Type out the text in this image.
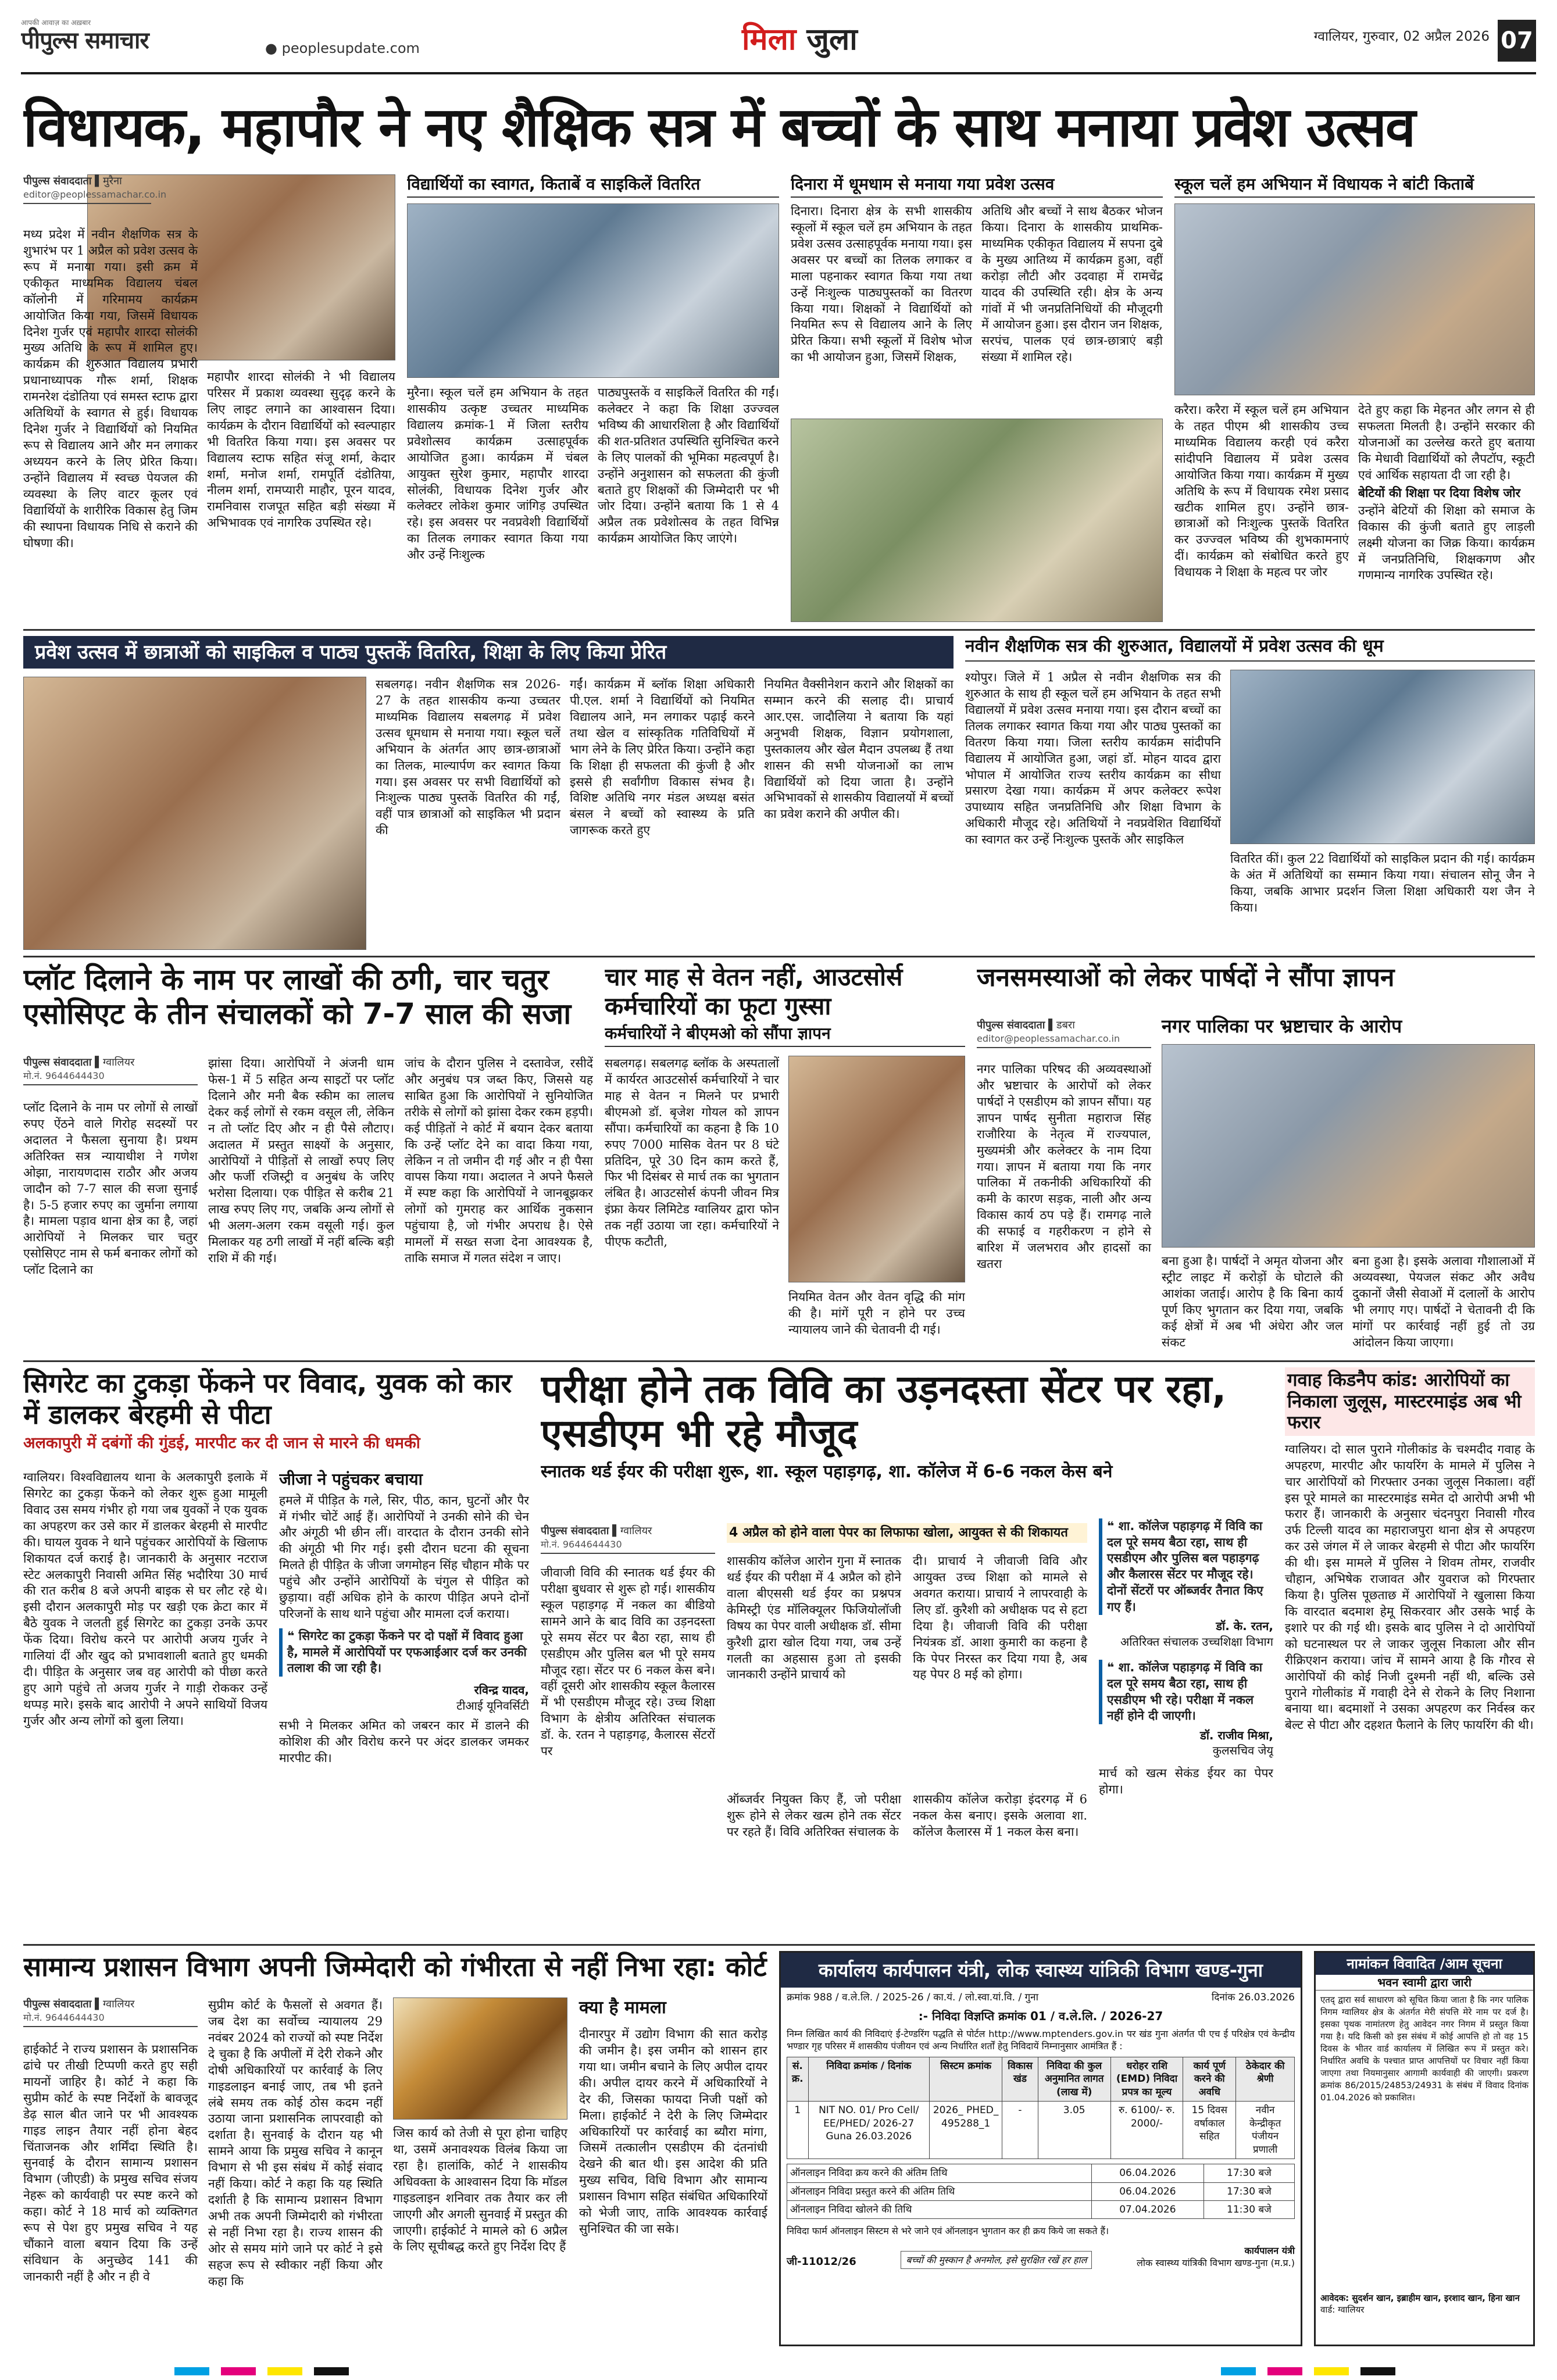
आपकी आवाज़ का अख़बार
पीपुल्स समाचार	● peoplesupdate.com	मिला जुला	ग्वालियर, गुरुवार, 02 अप्रैल 2026 07
विधायक, महापौर ने नए शैक्षिक सत्र में बच्चों के साथ मनाया प्रवेश उत्सव
पीपुल्स संवाददाता ▌मुरैना
editor@peoplessamachar.co.in
मध्य प्रदेश में नवीन शैक्षणिक सत्र के शुभारंभ पर 1 अप्रैल को प्रवेश उत्सव के रूप में मनाया गया। इसी क्रम में एकीकृत माध्यमिक विद्यालय चंबल कॉलोनी में गरिमामय कार्यक्रम आयोजित किया गया, जिसमें विधायक दिनेश गुर्जर एवं महापौर शारदा सोलंकी मुख्य अतिथि के रूप में शामिल हुए। कार्यक्रम की शुरुआत विद्यालय प्रभारी प्रधानाध्यापक गौरू शर्मा, शिक्षक रामनरेश दंडोतिया एवं समस्त स्टाफ द्वारा अतिथियों के स्वागत से हुई। विधायक दिनेश गुर्जर ने विद्यार्थियों को नियमित रूप से विद्यालय आने और मन लगाकर अध्ययन करने के लिए प्रेरित किया। उन्होंने विद्यालय में स्वच्छ पेयजल की व्यवस्था के लिए वाटर कूलर एवं विद्यार्थियों के शारीरिक विकास हेतु जिम की स्थापना विधायक निधि से कराने की घोषणा की।
महापौर शारदा सोलंकी ने भी विद्यालय परिसर में प्रकाश व्यवस्था सुदृढ़ करने के लिए लाइट लगाने का आश्वासन दिया। कार्यक्रम के दौरान विद्यार्थियों को स्वल्पाहार भी वितरित किया गया। इस अवसर पर विद्यालय स्टाफ सहित संजू शर्मा, केदार शर्मा, मनोज शर्मा, रामपूर्ति दंडोतिया, नीलम शर्मा, रामप्यारी माहौर, पूरन यादव, रामनिवास राजपूत सहित बड़ी संख्या में अभिभावक एवं नागरिक उपस्थित रहे।
विद्यार्थियों का स्वागत, किताबें व साइकिलें वितरित
मुरैना। स्कूल चलें हम अभियान के तहत शासकीय उत्कृष्ट उच्चतर माध्यमिक विद्यालय क्रमांक-1 में जिला स्तरीय प्रवेशोत्सव कार्यक्रम उत्साहपूर्वक आयोजित हुआ। कार्यक्रम में चंबल आयुक्त सुरेश कुमार, महापौर शारदा सोलंकी, विधायक दिनेश गुर्जर और कलेक्टर लोकेश कुमार जांगिड़ उपस्थित रहे। इस अवसर पर नवप्रवेशी विद्यार्थियों का तिलक लगाकर स्वागत किया गया और उन्हें निःशुल्क
पाठ्यपुस्तकें व साइकिलें वितरित की गईं। कलेक्टर ने कहा कि शिक्षा उज्ज्वल भविष्य की आधारशिला है और विद्यार्थियों की शत-प्रतिशत उपस्थिति सुनिश्चित करने के लिए पालकों की भूमिका महत्वपूर्ण है। उन्होंने अनुशासन को सफलता की कुंजी बताते हुए शिक्षकों की जिम्मेदारी पर भी जोर दिया। उन्होंने बताया कि 1 से 4 अप्रैल तक प्रवेशोत्सव के तहत विभिन्न कार्यक्रम आयोजित किए जाएंगे।
दिनारा में धूमधाम से मनाया गया प्रवेश उत्सव
दिनारा। दिनारा क्षेत्र के सभी शासकीय स्कूलों में स्कूल चलें हम अभियान के तहत प्रवेश उत्सव उत्साहपूर्वक मनाया गया। इस अवसर पर बच्चों का तिलक लगाकर व माला पहनाकर स्वागत किया गया तथा उन्हें निःशुल्क पाठ्यपुस्तकों का वितरण किया गया। शिक्षकों ने विद्यार्थियों को नियमित रूप से विद्यालय आने के लिए प्रेरित किया। सभी स्कूलों में विशेष भोज का भी आयोजन हुआ, जिसमें शिक्षक,
अतिथि और बच्चों ने साथ बैठकर भोजन किया। दिनारा के शासकीय प्राथमिक-माध्यमिक एकीकृत विद्यालय में सपना दुबे के मुख्य आतिथ्य में कार्यक्रम हुआ, वहीं करोड़ा लौटी और उदवाहा में रामचेंद्र यादव की उपस्थिति रही। क्षेत्र के अन्य गांवों में भी जनप्रतिनिधियों की मौजूदगी में आयोजन हुआ। इस दौरान जन शिक्षक, सरपंच, पालक एवं छात्र-छात्राएं बड़ी संख्या में शामिल रहे।
स्कूल चलें हम अभियान में विधायक ने बांटी किताबें
करैरा। करैरा में स्कूल चलें हम अभियान के तहत पीएम श्री शासकीय उच्च माध्यमिक विद्यालय करही एवं करैरा सांदीपनि विद्यालय में प्रवेश उत्सव आयोजित किया गया। कार्यक्रम में मुख्य अतिथि के रूप में विधायक रमेश प्रसाद खटीक शामिल हुए। उन्होंने छात्र-छात्राओं को निःशुल्क पुस्तकें वितरित कर उज्ज्वल भविष्य की शुभकामनाएं दीं। कार्यक्रम को संबोधित करते हुए विधायक ने शिक्षा के महत्व पर जोर
देते हुए कहा कि मेहनत और लगन से ही सफलता मिलती है। उन्होंने सरकार की योजनाओं का उल्लेख करते हुए बताया कि मेधावी विद्यार्थियों को लैपटॉप, स्कूटी एवं आर्थिक सहायता दी जा रही है।
बेटियों की शिक्षा पर दिया विशेष जोर
उन्होंने बेटियों की शिक्षा को समाज के विकास की कुंजी बताते हुए लाड़ली लक्ष्मी योजना का जिक्र किया। कार्यक्रम में जनप्रतिनिधि, शिक्षकगण और गणमान्य नागरिक उपस्थित रहे।
प्रवेश उत्सव में छात्राओं को साइकिल व पाठ्य पुस्तकें वितरित, शिक्षा के लिए किया प्रेरित
सबलगढ़। नवीन शैक्षणिक सत्र 2026-27 के तहत शासकीय कन्या उच्चतर माध्यमिक विद्यालय सबलगढ़ में प्रवेश उत्सव धूमधाम से मनाया गया। स्कूल चलें अभियान के अंतर्गत आए छात्र-छात्राओं का तिलक, माल्यार्पण कर स्वागत किया गया। इस अवसर पर सभी विद्यार्थियों को निःशुल्क पाठ्य पुस्तकें वितरित की गईं, वहीं पात्र छात्राओं को साइकिल भी प्रदान की
गईं। कार्यक्रम में ब्लॉक शिक्षा अधिकारी पी.एल. शर्मा ने विद्यार्थियों को नियमित विद्यालय आने, मन लगाकर पढ़ाई करने तथा खेल व सांस्कृतिक गतिविधियों में भाग लेने के लिए प्रेरित किया। उन्होंने कहा कि शिक्षा ही सफलता की कुंजी है और इससे ही सर्वांगीण विकास संभव है। विशिष्ट अतिथि नगर मंडल अध्यक्ष बसंत बंसल ने बच्चों को स्वास्थ्य के प्रति जागरूक करते हुए
नियमित वैक्सीनेशन कराने और शिक्षकों का सम्मान करने की सलाह दी। प्राचार्य आर.एस. जादौलिया ने बताया कि यहां अनुभवी शिक्षक, विज्ञान प्रयोगशाला, पुस्तकालय और खेल मैदान उपलब्ध हैं तथा शासन की सभी योजनाओं का लाभ विद्यार्थियों को दिया जाता है। उन्होंने अभिभावकों से शासकीय विद्यालयों में बच्चों का प्रवेश कराने की अपील की।
नवीन शैक्षणिक सत्र की शुरुआत, विद्यालयों में प्रवेश उत्सव की धूम
श्योपुर। जिले में 1 अप्रैल से नवीन शैक्षणिक सत्र की शुरुआत के साथ ही स्कूल चलें हम अभियान के तहत सभी विद्यालयों में प्रवेश उत्सव मनाया गया। इस दौरान बच्चों का तिलक लगाकर स्वागत किया गया और पाठ्य पुस्तकों का वितरण किया गया। जिला स्तरीय कार्यक्रम सांदीपनि विद्यालय में आयोजित हुआ, जहां डॉ. मोहन यादव द्वारा भोपाल में आयोजित राज्य स्तरीय कार्यक्रम का सीधा प्रसारण देखा गया। कार्यक्रम में अपर कलेक्टर रूपेश उपाध्याय सहित जनप्रतिनिधि और शिक्षा विभाग के अधिकारी मौजूद रहे। अतिथियों ने नवप्रवेशित विद्यार्थियों का स्वागत कर उन्हें निःशुल्क पुस्तकें और साइकिल
वितरित कीं। कुल 22 विद्यार्थियों को साइकिल प्रदान की गई। कार्यक्रम के अंत में अतिथियों का सम्मान किया गया। संचालन सोनू जैन ने किया, जबकि आभार प्रदर्शन जिला शिक्षा अधिकारी यश जैन ने किया।
प्लॉट दिलाने के नाम पर लाखों की ठगी, चार चतुर एसोसिएट के तीन संचालकों को 7-7 साल की सजा
पीपुल्स संवाददाता ▌ग्वालियर
मो.नं. 9644644430
प्लॉट दिलाने के नाम पर लोगों से लाखों रुपए ऐंठने वाले गिरोह सदस्यों पर अदालत ने फैसला सुनाया है। प्रथम अतिरिक्त सत्र न्यायाधीश ने गणेश ओझा, नारायणदास राठौर और अजय जादौन को 7-7 साल की सजा सुनाई है। 5-5 हजार रुपए का जुर्माना लगाया है। मामला पड़ाव थाना क्षेत्र का है, जहां आरोपियों ने मिलकर चार चतुर एसोसिएट नाम से फर्म बनाकर लोगों को प्लॉट दिलाने का
झांसा दिया। आरोपियों ने अंजनी धाम फेस-1 में 5 सहित अन्य साइटों पर प्लॉट दिलाने और मनी बैक स्कीम का लालच देकर कई लोगों से रकम वसूल ली, लेकिन न तो प्लॉट दिए और न ही पैसे लौटाए। अदालत में प्रस्तुत साक्ष्यों के अनुसार, आरोपियों ने पीड़ितों से लाखों रुपए लिए और फर्जी रजिस्ट्री व अनुबंध के जरिए भरोसा दिलाया। एक पीड़ित से करीब 21 लाख रुपए लिए गए, जबकि अन्य लोगों से भी अलग-अलग रकम वसूली गई। कुल मिलाकर यह ठगी लाखों में नहीं बल्कि बड़ी राशि में की गई।
जांच के दौरान पुलिस ने दस्तावेज, रसीदें और अनुबंध पत्र जब्त किए, जिससे यह साबित हुआ कि आरोपियों ने सुनियोजित तरीके से लोगों को झांसा देकर रकम हड़पी। कई पीड़ितों ने कोर्ट में बयान देकर बताया कि उन्हें प्लॉट देने का वादा किया गया, लेकिन न तो जमीन दी गई और न ही पैसा वापस किया गया। अदालत ने अपने फैसले में स्पष्ट कहा कि आरोपियों ने जानबूझकर लोगों को गुमराह कर आर्थिक नुकसान पहुंचाया है, जो गंभीर अपराध है। ऐसे मामलों में सख्त सजा देना आवश्यक है, ताकि समाज में गलत संदेश न जाए।
चार माह से वेतन नहीं, आउटसोर्स कर्मचारियों का फूटा गुस्सा
कर्मचारियों ने बीएमओ को सौंपा ज्ञापन
सबलगढ़। सबलगढ़ ब्लॉक के अस्पतालों में कार्यरत आउटसोर्स कर्मचारियों ने चार माह से वेतन न मिलने पर प्रभारी बीएमओ डॉ. बृजेश गोयल को ज्ञापन सौंपा। कर्मचारियों का कहना है कि 10 रुपए 7000 मासिक वेतन पर 8 घंटे प्रतिदिन, पूरे 30 दिन काम करते हैं, फिर भी दिसंबर से मार्च तक का भुगतान लंबित है। आउटसोर्स कंपनी जीवन मित्र इंफ्रा केयर लिमिटेड ग्वालियर द्वारा फोन तक नहीं उठाया जा रहा। कर्मचारियों ने पीएफ कटौती,
नियमित वेतन और वेतन वृद्धि की मांग की है। मांगें पूरी न होने पर उच्च न्यायालय जाने की चेतावनी दी गई।
जनसमस्याओं को लेकर पार्षदों ने सौंपा ज्ञापन
पीपुल्स संवाददाता ▌डबरा
editor@peoplessamachar.co.in
नगर पालिका पर भ्रष्टाचार के आरोप
नगर पालिका परिषद की अव्यवस्थाओं और भ्रष्टाचार के आरोपों को लेकर पार्षदों ने एसडीएम को ज्ञापन सौंपा। यह ज्ञापन पार्षद सुनीता महाराज सिंह राजौरिया के नेतृत्व में राज्यपाल, मुख्यमंत्री और कलेक्टर के नाम दिया गया। ज्ञापन में बताया गया कि नगर पालिका में तकनीकी अधिकारियों की कमी के कारण सड़क, नाली और अन्य विकास कार्य ठप पड़े हैं। रामगढ़ नाले की सफाई व गहरीकरण न होने से बारिश में जलभराव और हादसों का खतरा	बना हुआ है। पार्षदों ने अमृत योजना और स्ट्रीट लाइट में करोड़ों के घोटाले की आशंका जताई। आरोप है कि बिना कार्य पूर्ण किए भुगतान कर दिया गया, जबकि कई क्षेत्रों में अब भी अंधेरा और जल संकट
बना हुआ है। इसके अलावा गौशालाओं में अव्यवस्था, पेयजल संकट और अवैध दुकानों जैसी सेवाओं में दलालों के आरोप भी लगाए गए। पार्षदों ने चेतावनी दी कि मांगों पर कार्रवाई नहीं हुई तो उग्र आंदोलन किया जाएगा।
सिगरेट का टुकड़ा फेंकने पर विवाद, युवक को कार में डालकर बेरहमी से पीटा
अलकापुरी में दबंगों की गुंडई, मारपीट कर दी जान से मारने की धमकी
ग्वालियर। विश्वविद्यालय थाना के अलकापुरी इलाके में सिगरेट का टुकड़ा फेंकने को लेकर शुरू हुआ मामूली विवाद उस समय गंभीर हो गया जब युवकों ने एक युवक का अपहरण कर उसे कार में डालकर बेरहमी से मारपीट की। घायल युवक ने थाने पहुंचकर आरोपियों के खिलाफ शिकायत दर्ज कराई है। जानकारी के अनुसार नटराज स्टेट अलकापुरी निवासी अमित सिंह भदौरिया 30 मार्च की रात करीब 8 बजे अपनी बाइक से घर लौट रहे थे। इसी दौरान अलकापुरी मोड़ पर खड़ी एक क्रेटा कार में बैठे युवक ने जलती हुई सिगरेट का टुकड़ा उनके ऊपर फेंक दिया। विरोध करने पर आरोपी अजय गुर्जर ने गालियां दीं और खुद को प्रभावशाली बताते हुए धमकी दी। पीड़ित के अनुसार जब वह आरोपी को पीछा करते हुए आगे पहुंचे तो अजय गुर्जर ने गाड़ी रोककर उन्हें थप्पड़ मारे। इसके बाद आरोपी ने अपने साथियों विजय गुर्जर और अन्य लोगों को बुला लिया।
जीजा ने पहुंचकर बचाया
हमले में पीड़ित के गले, सिर, पीठ, कान, घुटनों और पैर में गंभीर चोटें आई हैं। आरोपियों ने उनकी सोने की चेन और अंगूठी भी छीन लीं। वारदात के दौरान उनकी सोने की अंगूठी भी गिर गई। इसी दौरान घटना की सूचना मिलते ही पीड़ित के जीजा जगमोहन सिंह चौहान मौके पर पहुंचे और उन्होंने आरोपियों के चंगुल से पीड़ित को छुड़ाया। वहीं अधिक होने के कारण पीड़ित अपने दोनों परिजनों के साथ थाने पहुंचा और मामला दर्ज कराया।
❝ सिगरेट का टुकड़ा फेंकने पर दो पक्षों में विवाद हुआ है, मामले में आरोपियों पर एफआईआर दर्ज कर उनकी तलाश की जा रही है।
रविन्द्र यादव,
टीआई यूनिवर्सिटी
सभी ने मिलकर अमित को जबरन कार में डालने की कोशिश की और विरोध करने पर अंदर डालकर जमकर मारपीट की।
परीक्षा होने तक विवि का उड़नदस्ता सेंटर पर रहा, एसडीएम भी रहे मौजूद
स्नातक थर्ड ईयर की परीक्षा शुरू, शा. स्कूल पहाड़गढ़, शा. कॉलेज में 6-6 नकल केस बने
पीपुल्स संवाददाता ▌ग्वालियर
मो.नं. 9644644430
4 अप्रैल को होने वाला पेपर का लिफाफा खोला, आयुक्त से की शिकायत
जीवाजी विवि की स्नातक थर्ड ईयर की परीक्षा बुधवार से शुरू हो गई। शासकीय स्कूल पहाड़गढ़ में नकल का बीडियो सामने आने के बाद विवि का उड़नदस्ता पूरे समय सेंटर पर बैठा रहा, साथ ही एसडीएम और पुलिस बल भी पूरे समय मौजूद रहा। सेंटर पर 6 नकल केस बने। वहीं दूसरी ओर शासकीय स्कूल कैलारस में भी एसडीएम मौजूद रहे। उच्च शिक्षा विभाग के क्षेत्रीय अतिरिक्त संचालक डॉ. के. रतन ने पहाड़गढ़, कैलारस सेंटरों पर
शासकीय कॉलेज आरोन गुना में स्नातक थर्ड ईयर की परीक्षा में 4 अप्रैल को होने वाला बीएससी थर्ड ईयर का प्रश्नपत्र केमिस्ट्री एंड मॉलिक्यूलर फिजियोलॉजी विषय का पेपर वाली अधीक्षक डॉ. सीमा कुरैशी द्वारा खोल दिया गया, जब उन्हें गलती का अहसास हुआ तो इसकी जानकारी उन्होंने प्राचार्य को
दी। प्राचार्य ने जीवाजी विवि और आयुक्त उच्च शिक्षा को मामले से अवगत कराया। प्राचार्य ने लापरवाही के लिए डॉ. कुरैशी को अधीक्षक पद से हटा दिया है। जीवाजी विवि की परीक्षा नियंत्रक डॉ. आशा कुमारी का कहना है कि पेपर निरस्त कर दिया गया है, अब यह पेपर 8 मई को होगा।
ऑब्जर्वर नियुक्त किए हैं, जो परीक्षा शुरू होने से लेकर खत्म होने तक सेंटर पर रहते हैं। विवि अतिरिक्त संचालक के
शासकीय कॉलेज करोड़ा इंदरगढ़ में 6 नकल केस बनाए। इसके अलावा शा. कॉलेज कैलारस में 1 नकल केस बना।
❝ शा. कॉलेज पहाड़गढ़ में विवि का दल पूरे समय बैठा रहा, साथ ही एसडीएम और पुलिस बल पहाड़गढ़ और कैलारस सेंटर पर मौजूद रहे। दोनों सेंटरों पर ऑब्जर्वर तैनात किए गए हैं।
डॉ. के. रतन,
अतिरिक्त संचालक उच्चशिक्षा विभाग
❝ शा. कॉलेज पहाड़गढ़ में विवि का दल पूरे समय बैठा रहा, साथ ही एसडीएम भी रहे। परीक्षा में नकल नहीं होने दी जाएगी।
डॉ. राजीव मिश्रा,
कुलसचिव जेयू
मार्च को खत्म सेकंड ईयर का पेपर होगा।
गवाह किडनैप कांड: आरोपियों का निकाला जुलूस, मास्टरमाइंड अब भी फरार
ग्वालियर। दो साल पुराने गोलीकांड के चश्मदीद गवाह के अपहरण, मारपीट और फायरिंग के मामले में पुलिस ने चार आरोपियों को गिरफ्तार उनका जुलूस निकाला। वहीं इस पूरे मामले का मास्टरमाइंड समेत दो आरोपी अभी भी फरार हैं। जानकारी के अनुसार चंदनपुरा निवासी गौरव उर्फ टिल्ली यादव का महाराजपुरा थाना क्षेत्र से अपहरण कर उसे जंगल में ले जाकर बेरहमी से पीटा और फायरिंग की थी। इस मामले में पुलिस ने शिवम तोमर, राजवीर चौहान, अभिषेक राजावत और युवराज को गिरफ्तार किया है। पुलिस पूछताछ में आरोपियों ने खुलासा किया कि वारदात बदमाश हेमू सिकरवार और उसके भाई के इशारे पर की गई थी। इसके बाद पुलिस ने दो आरोपियों को घटनास्थल पर ले जाकर जुलूस निकाला और सीन रीक्रिएशन कराया। जांच में सामने आया है कि गौरव से आरोपियों की कोई निजी दुश्मनी नहीं थी, बल्कि उसे पुराने गोलीकांड में गवाही देने से रोकने के लिए निशाना बनाया था। बदमाशों ने उसका अपहरण कर निर्वस्त्र कर बेल्ट से पीटा और दहशत फैलाने के लिए फायरिंग की थी।
सामान्य प्रशासन विभाग अपनी जिम्मेदारी को गंभीरता से नहीं निभा रहा: कोर्ट
पीपुल्स संवाददाता ▌ग्वालियर
मो.नं. 9644644430
हाईकोर्ट ने राज्य प्रशासन के प्रशासनिक ढांचे पर तीखी टिप्पणी करते हुए सही मायनों जाहिर है। कोर्ट ने कहा कि सुप्रीम कोर्ट के स्पष्ट निर्देशों के बावजूद डेढ़ साल बीत जाने पर भी आवश्यक गाइड लाइन तैयार नहीं होना बेहद चिंताजनक और शर्मिंदा स्थिति है। सुनवाई के दौरान सामान्य प्रशासन विभाग (जीएडी) के प्रमुख सचिव संजय नेहरू को कार्यवाही पर स्पष्ट करने को कहा। कोर्ट ने 18 मार्च को व्यक्तिगत रूप से पेश हुए प्रमुख सचिव ने यह चौंकाने वाला बयान दिया कि उन्हें संविधान के अनुच्छेद 141 की जानकारी नहीं है और न ही वे
सुप्रीम कोर्ट के फैसलों से अवगत हैं। जब देश का सर्वोच्च न्यायालय 29 नवंबर 2024 को राज्यों को स्पष्ट निर्देश दे चुका है कि अपीलों में देरी रोकने और दोषी अधिकारियों पर कार्रवाई के लिए गाइडलाइन बनाई जाए, तब भी इतने लंबे समय तक कोई ठोस कदम नहीं उठाया जाना प्रशासनिक लापरवाही को दर्शाता है। सुनवाई के दौरान यह भी सामने आया कि प्रमुख सचिव ने कानून विभाग से भी इस संबंध में कोई संवाद नहीं किया। कोर्ट ने कहा कि यह स्थिति दर्शाती है कि सामान्य प्रशासन विभाग अभी तक अपनी जिम्मेदारी को गंभीरता से नहीं निभा रहा है। राज्य शासन की ओर से समय मांगे जाने पर कोर्ट ने इसे सहज रूप से स्वीकार नहीं किया और कहा कि
जिस कार्य को तेजी से पूरा होना चाहिए था, उसमें अनावश्यक विलंब किया जा रहा है। हालांकि, कोर्ट ने शासकीय अधिवक्ता के आश्वासन दिया कि मॉडल गाइडलाइन शनिवार तक तैयार कर ली जाएगी और अगली सुनवाई में प्रस्तुत की जाएगी। हाईकोर्ट ने मामले को 6 अप्रैल के लिए सूचीबद्ध करते हुए निर्देश दिए हैं
क्या है मामला
दीनारपुर में उद्योग विभाग की सात करोड़ की जमीन है। इस जमीन को शासन हार गया था। जमीन बचाने के लिए अपील दायर की। अपील दायर करने में अधिकारियों ने देर की, जिसका फायदा निजी पक्षों को मिला। हाईकोर्ट ने देरी के लिए जिम्मेदार अधिकारियों पर कार्रवाई का ब्यौरा मांगा, जिसमें तत्कालीन एसडीएम की दंतनांधी देखने की बात थी। इस आदेश की प्रति मुख्य सचिव, विधि विभाग और सामान्य प्रशासन विभाग सहित संबंधित अधिकारियों को भेजी जाए, ताकि आवश्यक कार्रवाई सुनिश्चित की जा सके।
कार्यालय कार्यपालन यंत्री, लोक स्वास्थ्य यांत्रिकी विभाग खण्ड-गुना
क्रमांक 988 / व.ले.लि. / 2025-26 / का.यं. / लो.स्वा.यां.वि. / गुना	दिनांक 26.03.2026
:- निविदा विज्ञप्ति क्रमांक 01 / व.ले.लि. / 2026-27
निम्न लिखित कार्य की निविदाएं ई-टेण्डरिंग पद्धति से पोर्टल http://www.mptenders.gov.in पर खंड गुना अंतर्गत पी एच ई परिक्षेत्र एवं केन्द्रीय भण्डार गृह परिसर में शासकीय पंजीयन एवं अन्य निर्धारित शर्तों हेतु निविदायें निम्नानुसार आमंत्रित हैं :
सं. क्र.	निविदा क्रमांक / दिनांक	सिस्टम क्रमांक	विकास खंड	निविदा की कुल अनुमानित लागत (लाख में)	धरोहर राशि (EMD) निविदा प्रपत्र का मूल्य	कार्य पूर्ण करने की अवधि	ठेकेदार की श्रेणी
1	NIT NO. 01/ Pro Cell/ EE/PHED/ 2026-27 Guna 26.03.2026	2026_ PHED_ 495288_1	-	3.05	रु. 6100/- रु. 2000/-	15 दिवस वर्षाकाल सहित	नवीन केन्द्रीकृत पंजीयन प्रणाली
ऑनलाइन निविदा क्रय करने की अंतिम तिथि	06.04.2026	17:30 बजे
ऑनलाइन निविदा प्रस्तुत करने की अंतिम तिथि	06.04.2026	17:30 बजे
ऑनलाइन निविदा खोलने की तिथि	07.04.2026	11:30 बजे
निविदा फार्म ऑनलाइन सिस्टम से भरे जाने एवं ऑनलाइन भुगतान कर ही क्रय किये जा सकते हैं।
जी-11012/26	बच्चों की मुस्कान है अनमोल, इसे सुरक्षित रखें हर हाल
कार्यपालन यंत्री
लोक स्वास्थ्य यांत्रिकी विभाग खण्ड-गुना (म.प्र.)
नामांकन विवादित /आम सूचना
भवन स्वामी द्वारा जारी
एतद् द्वारा सर्व साधारण को सूचित किया जाता है कि नगर पालिक निगम ग्वालियर क्षेत्र के अंतर्गत मेरी संपत्ति मेरे नाम पर दर्ज है। इसका पृथक नामांतरण हेतु आवेदन नगर निगम में प्रस्तुत किया गया है। यदि किसी को इस संबंध में कोई आपत्ति हो तो वह 15 दिवस के भीतर वार्ड कार्यालय में लिखित रूप में प्रस्तुत करे। निर्धारित अवधि के पश्चात प्राप्त आपत्तियों पर विचार नहीं किया जाएगा तथा नियमानुसार आगामी कार्यवाही की जाएगी। प्रकरण क्रमांक 86/2015/24853/24931 के संबंध में विवाद दिनांक 01.04.2026 को प्रकाशित।
आवेदक: सुदर्शन खान, इब्राहीम खान, इरशाद खान, हिना खान
वार्ड: ग्वालियर
